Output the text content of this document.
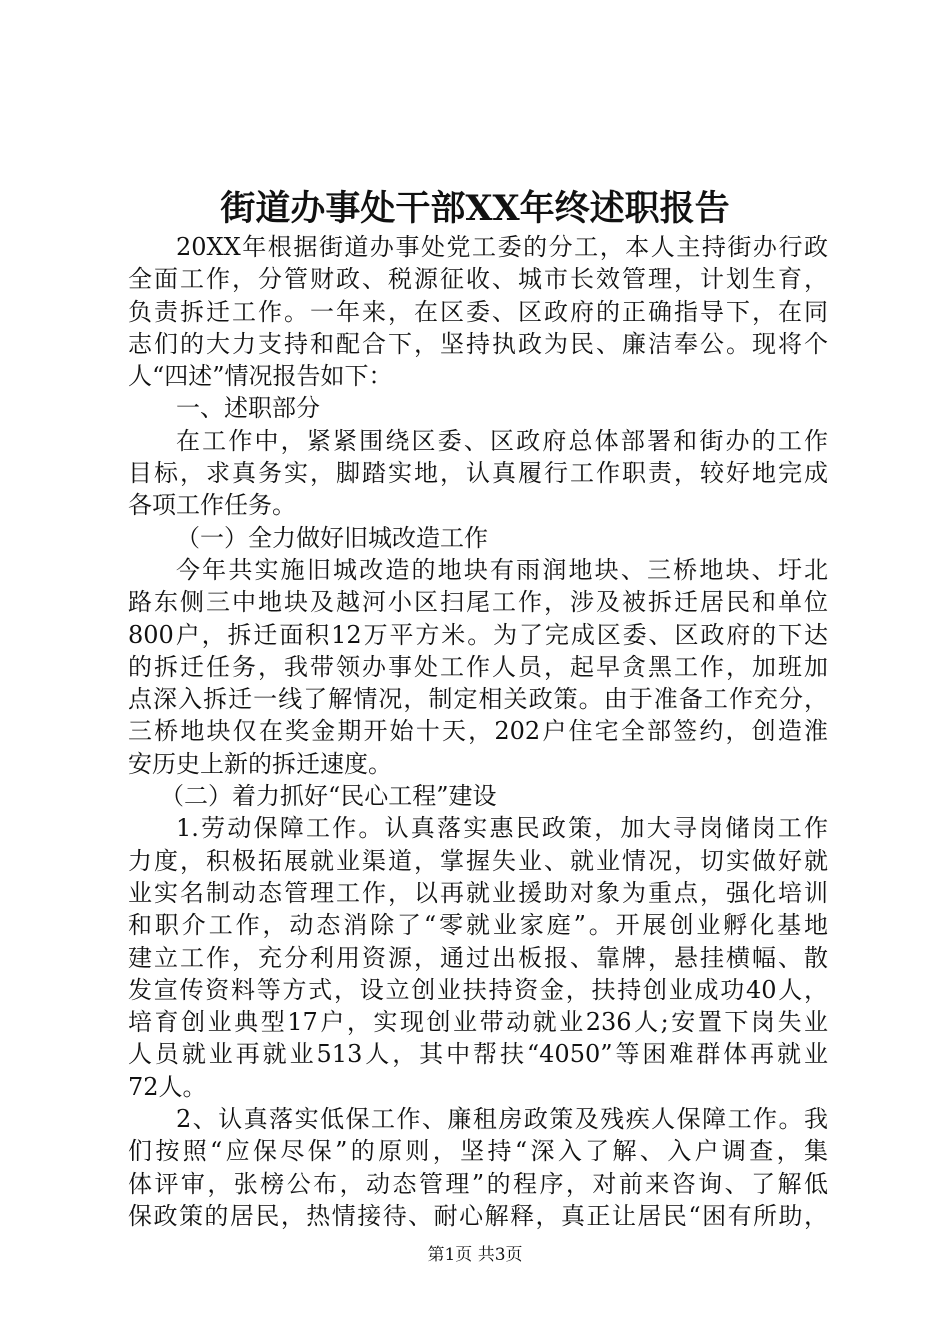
街道办事处干部XX年终述职报告
20XX年根据街道办事处党工委的分工，本人主持街办行政
全面工作，分管财政、税源征收、城市长效管理，计划生育，
负责拆迁工作。一年来，在区委、区政府的正确指导下，在同
志们的大力支持和配合下，坚持执政为民、廉洁奉公。现将个
人“四述”情况报告如下：
一、述职部分
在工作中，紧紧围绕区委、区政府总体部署和街办的工作
目标，求真务实，脚踏实地，认真履行工作职责，较好地完成
各项工作任务。
（一）全力做好旧城改造工作
今年共实施旧城改造的地块有雨润地块、三桥地块、圩北
路东侧三中地块及越河小区扫尾工作，涉及被拆迁居民和单位
800户，拆迁面积12万平方米。为了完成区委、区政府的下达
的拆迁任务，我带领办事处工作人员，起早贪黑工作，加班加
点深入拆迁一线了解情况，制定相关政策。由于准备工作充分，
三桥地块仅在奖金期开始十天，202户住宅全部签约，创造淮
安历史上新的拆迁速度。
（二）着力抓好“民心工程”建设
1.劳动保障工作。认真落实惠民政策，加大寻岗储岗工作
力度，积极拓展就业渠道，掌握失业、就业情况，切实做好就
业实名制动态管理工作，以再就业援助对象为重点，强化培训
和职介工作，动态消除了“零就业家庭”。开展创业孵化基地
建立工作，充分利用资源，通过出板报、靠牌，悬挂横幅、散
发宣传资料等方式，设立创业扶持资金，扶持创业成功40人，
培育创业典型17户，实现创业带动就业236人;安置下岗失业
人员就业再就业513人，其中帮扶“4050”等困难群体再就业
72人。
2、认真落实低保工作、廉租房政策及残疾人保障工作。我
们按照“应保尽保”的原则，坚持“深入了解、入户调查，集
体评审，张榜公布，动态管理”的程序，对前来咨询、了解低
保政策的居民，热情接待、耐心解释，真正让居民“困有所助，
第1页 共3页
